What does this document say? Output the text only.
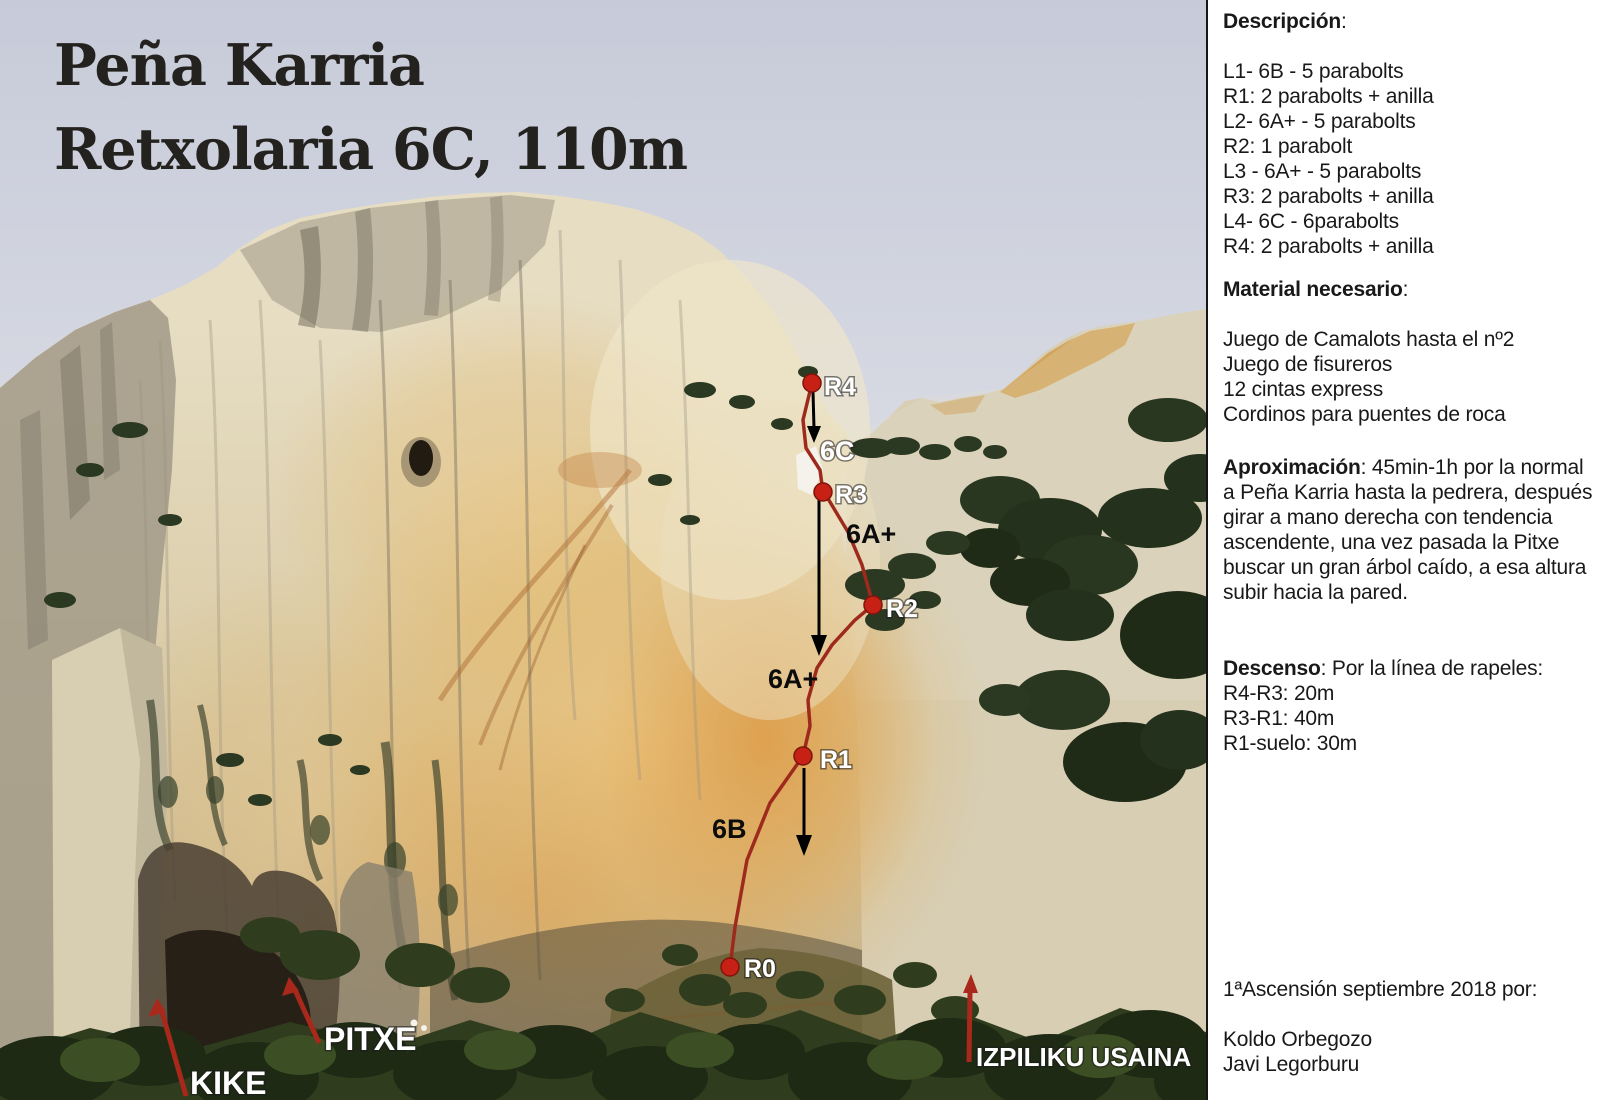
R0
R1
R2
R3
R4
6B
6A+
6A+
6C
KIKE
PITXE	IZPILIKU USAINA
Peña Karria
Retxolaria 6C, 110m
Descripción:
L1- 6B - 5 parabolts
R1: 2 parabolts + anilla
L2- 6A+ - 5 parabolts
R2: 1 parabolt
L3 - 6A+ - 5 parabolts
R3: 2 parabolts + anilla
L4- 6C - 6parabolts
R4: 2 parabolts + anilla
Material necesario:
Juego de Camalots hasta el nº2
Juego de fisureros
12 cintas express
Cordinos para puentes de roca
Aproximación: 45min-1h por la normal a Peña Karria hasta la pedrera, después girar a mano derecha con tendencia ascendente, una vez pasada la Pitxe buscar un gran árbol caído, a esa altura subir hacia la pared.
Descenso: Por la línea de rapeles:
R4-R3: 20m
R3-R1: 40m
R1-suelo: 30m
1ªAscensión septiembre 2018 por:
Koldo Orbegozo
Javi Legorburu
